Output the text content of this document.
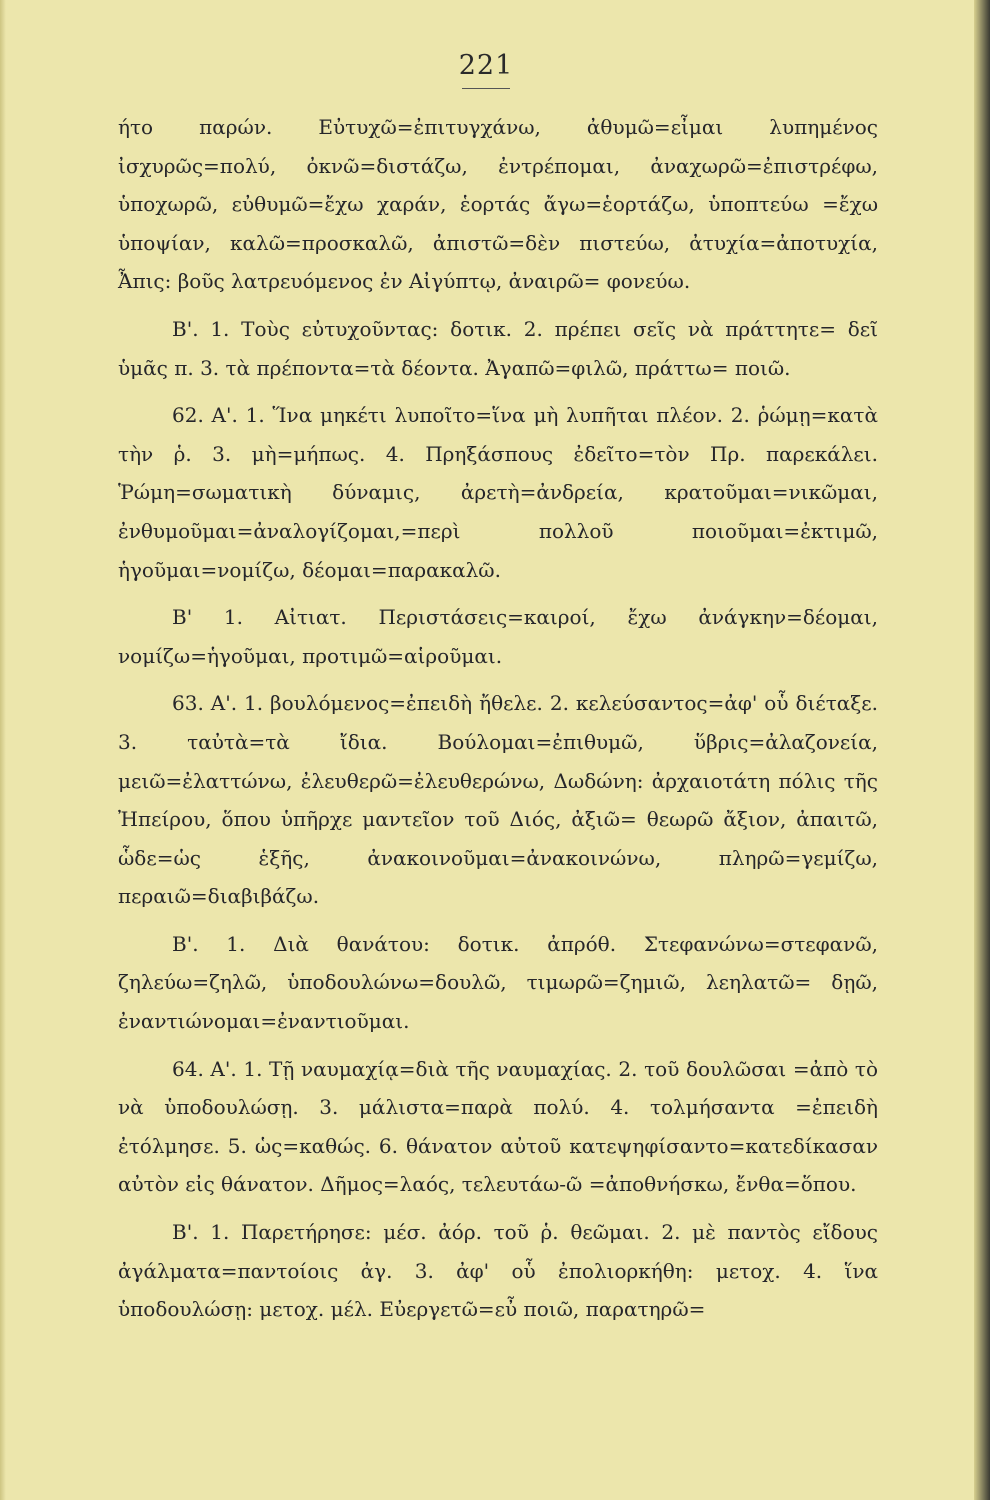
221

ήτο παρών. Εὐτυχῶ=ἐπιτυγχάνω, ἀθυμῶ=εἶμαι λυπημένος ἰσχυρῶς=πολύ, ὀκνῶ=διστάζω, ἐντρέπομαι, ἀναχωρῶ=ἐπιστρέφω, ὑποχωρῶ, εὐθυμῶ=ἔχω χαράν, ἑορτάς ἄγω=ἑορτάζω, ὑποπτεύω =ἔχω ὑποψίαν, καλῶ=προσκαλῶ, ἀπιστῶ=δὲν πιστεύω, ἀτυχία=ἀποτυχία, Ἆπις: βοῦς λατρευόμενος ἐν Αἰγύπτῳ, ἀναιρῶ= φονεύω.

Β'. 1. Τοὺς εὐτυχοῦντας: δοτικ. 2. πρέπει σεῖς νὰ πράττητε= δεῖ ὑμᾶς π. 3. τὰ πρέποντα=τὰ δέοντα. Ἀγαπῶ=φιλῶ, πράττω= ποιῶ.

62. Α'. 1. Ἵνα μηκέτι λυποῖτο=ἵνα μὴ λυπῆται πλέον. 2. ῥώμῃ=κατὰ τὴν ῥ. 3. μὴ=μήπως. 4. Πρηξάσπους ἐδεῖτο=τὸν Πρ. παρεκάλει. Ῥώμη=σωματικὴ δύναμις, ἀρετὴ=ἀνδρεία, κρατοῦμαι=νικῶμαι, ἐνθυμοῦμαι=ἀναλογίζομαι,=περὶ πολλοῦ ποιοῦμαι=ἐκτιμῶ, ἡγοῦμαι=νομίζω, δέομαι=παρακαλῶ.

Β' 1. Αἰτιατ. Περιστάσεις=καιροί, ἔχω ἀνάγκην=δέομαι, νομίζω=ἡγοῦμαι, προτιμῶ=αἱροῦμαι.

63. Α'. 1. βουλόμενος=ἐπειδὴ ἤθελε. 2. κελεύσαντος=ἀφ' οὗ διέταξε. 3. ταὐτὰ=τὰ ἴδια. Βούλομαι=ἐπιθυμῶ, ὕβρις=ἀλαζονεία, μειῶ=ἐλαττώνω, ἐλευθερῶ=ἐλευθερώνω, Δωδώνη: ἀρχαιοτάτη πόλις τῆς Ἠπείρου, ὅπου ὑπῆρχε μαντεῖον τοῦ Διός, ἀξιῶ= θεωρῶ ἄξιον, ἀπαιτῶ, ὧδε=ὡς ἑξῆς, ἀνακοινοῦμαι=ἀνακοινώνω, πληρῶ=γεμίζω, περαιῶ=διαβιβάζω.

Β'. 1. Διὰ θανάτου: δοτικ. ἀπρόθ. Στεφανώνω=στεφανῶ, ζηλεύω=ζηλῶ, ὑποδουλώνω=δουλῶ, τιμωρῶ=ζημιῶ, λεηλατῶ= δῃῶ, ἐναντιώνομαι=ἐναντιοῦμαι.

64. Α'. 1. Τῇ ναυμαχίᾳ=διὰ τῆς ναυμαχίας. 2. τοῦ δουλῶσαι =ἀπὸ τὸ νὰ ὑποδουλώσῃ. 3. μάλιστα=παρὰ πολύ. 4. τολμήσαντα =ἐπειδὴ ἐτόλμησε. 5. ὡς=καθώς. 6. θάνατον αὐτοῦ κατεψηφίσαντο=κατεδίκασαν αὐτὸν εἰς θάνατον. Δῆμος=λαός, τελευτάω-ῶ =ἀποθνήσκω, ἔνθα=ὅπου.

Β'. 1. Παρετήρησε: μέσ. ἀόρ. τοῦ ῥ. θεῶμαι. 2. μὲ παντὸς εἴδους ἀγάλματα=παντοίοις ἀγ. 3. ἀφ' οὗ ἐπολιορκήθη: μετοχ. 4. ἵνα ὑποδουλώσῃ: μετοχ. μέλ. Εὐεργετῶ=εὖ ποιῶ, παρατηρῶ=
